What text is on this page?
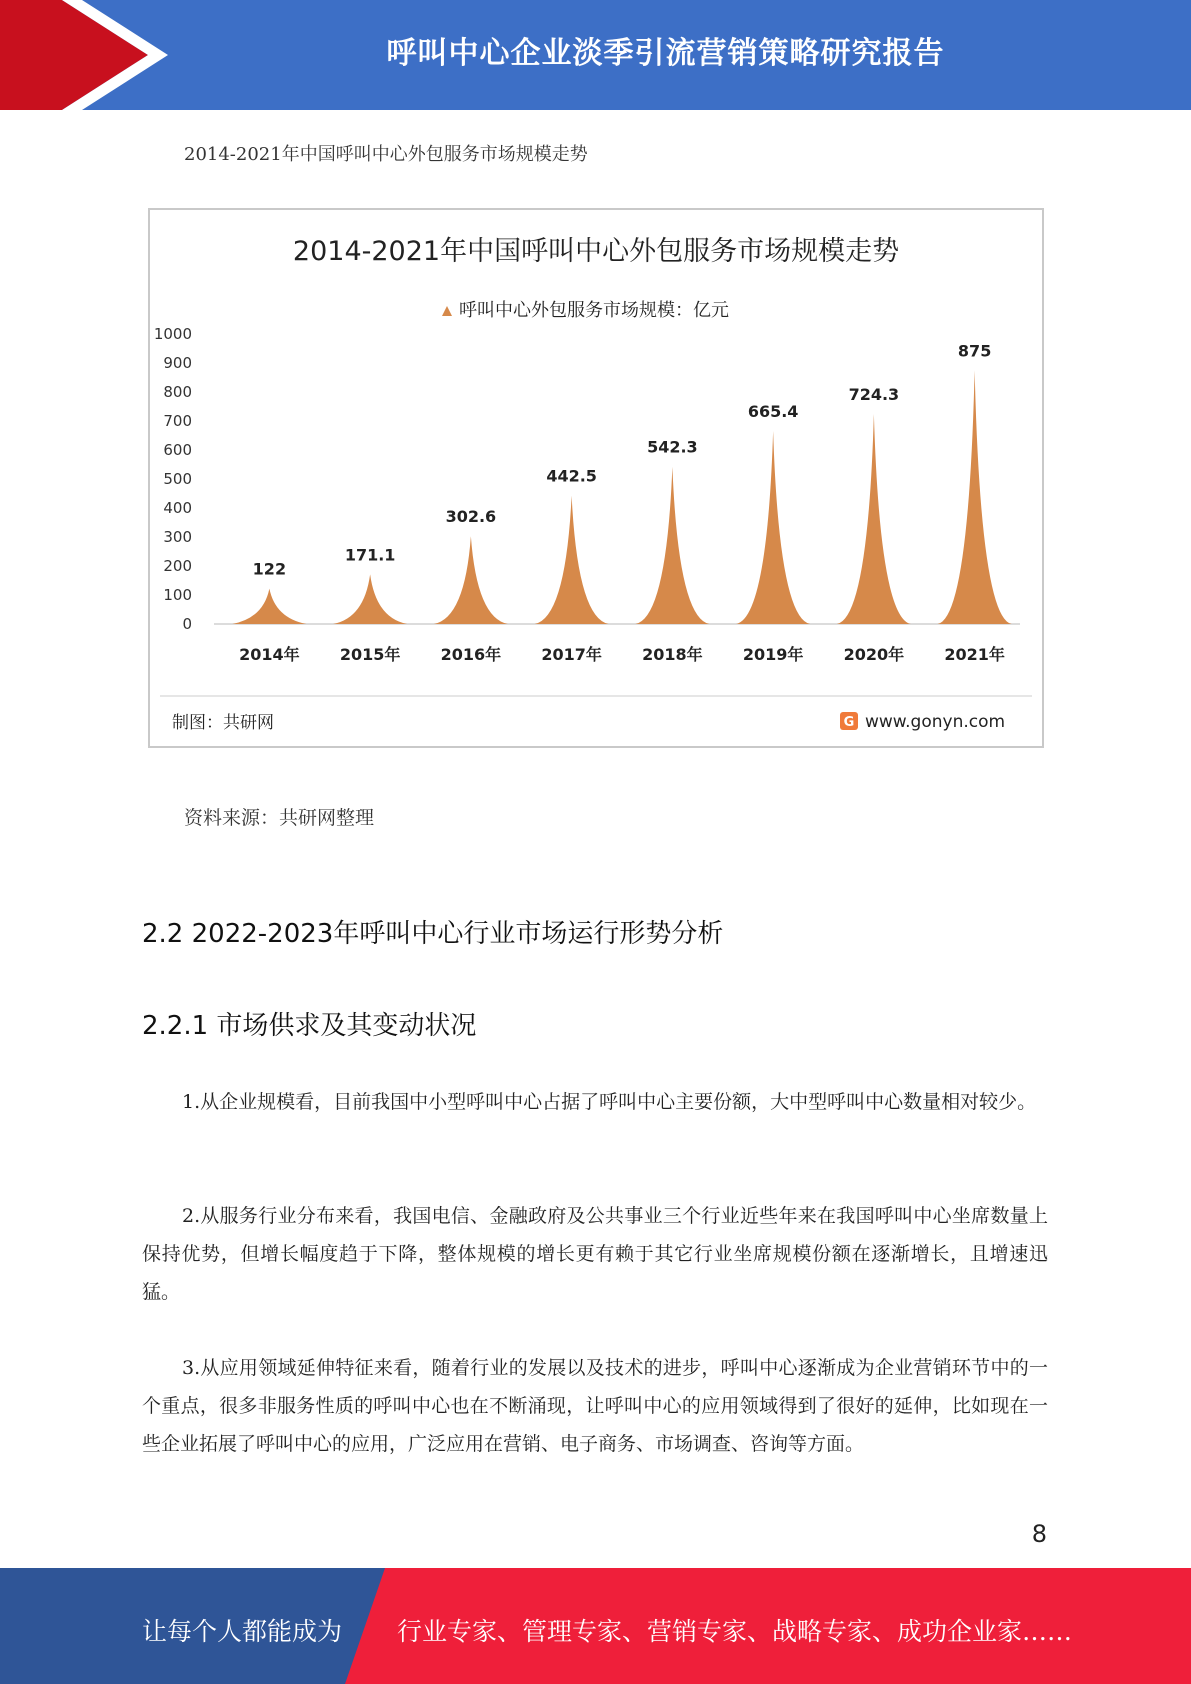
呼叫中心企业淡季引流营销策略研究报告
2014-2021年中国呼叫中心外包服务市场规模走势
2014-2021年中国呼叫中心外包服务市场规模走势
呼叫中心外包服务市场规模：亿元
0
100
200
300
400
500
600
700
800
900
1000
122
2014年
171.1
2015年
302.6
2016年
442.5
2017年
542.3
2018年
665.4
2019年
724.3
2020年
875
2021年
制图：共研网	G www.gonyn.com
资料来源：共研网整理
2.2 2022-2023年呼叫中心行业市场运行形势分析
2.2.1 市场供求及其变动状况
1.从企业规模看，目前我国中小型呼叫中心占据了呼叫中心主要份额，大中型呼叫中心数量相对较少。
2.从服务行业分布来看，我国电信、金融政府及公共事业三个行业近些年来在我国呼叫中心坐席数量上保持优势，但增长幅度趋于下降，整体规模的增长更有赖于其它行业坐席规模份额在逐渐增长，且增速迅猛。
3.从应用领域延伸特征来看，随着行业的发展以及技术的进步，呼叫中心逐渐成为企业营销环节中的一个重点，很多非服务性质的呼叫中心也在不断涌现，让呼叫中心的应用领域得到了很好的延伸，比如现在一些企业拓展了呼叫中心的应用，广泛应用在营销、电子商务、市场调查、咨询等方面。
8
让每个人都能成为 行业专家、管理专家、营销专家、战略专家、成功企业家……
